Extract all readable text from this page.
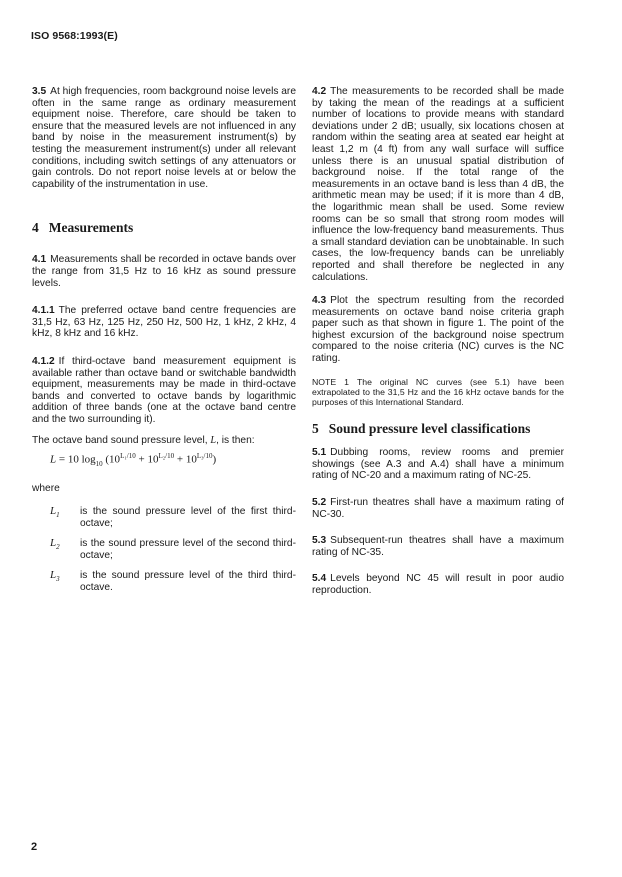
ISO 9568:1993(E)

3.5 At high frequencies, room background noise levels are often in the same range as ordinary measurement equipment noise. Therefore, care should be taken to ensure that the measured levels are not influenced in any band by noise in the measurement instrument(s) by testing the measurement instrument(s) under all relevant conditions, including switch settings of any attenuators or gain controls. Do not report noise levels at or below the capability of the instrumentation in use.

4 Measurements

4.1 Measurements shall be recorded in octave bands over the range from 31,5 Hz to 16 kHz as sound pressure levels.

4.1.1 The preferred octave band centre frequencies are 31,5 Hz, 63 Hz, 125 Hz, 250 Hz, 500 Hz, 1 kHz, 2 kHz, 4 kHz, 8 kHz and 16 kHz.

4.1.2 If third-octave band measurement equipment is available rather than octave band or switchable bandwidth equipment, measurements may be made in third-octave bands and converted to octave bands by logarithmic addition of three bands (one at the octave band centre and the two surrounding it).

The octave band sound pressure level, L, is then:

L = 10 $\log_{10} (10^{L_1/10} + 10^{L_2/10} + 10^{L_3/10})$

where

$L_1$	is the sound pressure level of the first third-octave;
$L_2$	is the sound pressure level of the second third-octave;
$L_3$	is the sound pressure level of the third third-octave.

4.2 The measurements to be recorded shall be made by taking the mean of the readings at a sufficient number of locations to provide means with standard deviations under 2 dB; usually, six locations chosen at random within the seating area at seated ear height at least 1,2 m (4 ft) from any wall surface will suffice unless there is an unusual spatial distribution of background noise. If the total range of the measurements in an octave band is less than 4 dB, the arithmetic mean may be used; if it is more than 4 dB, the logarithmic mean shall be used. Some review rooms can be so small that strong room modes will influence the low-frequency band measurements. Thus a small standard deviation can be unobtainable. In such cases, the low-frequency bands can be unreliably reported and shall therefore be neglected in any calculations.

4.3 Plot the spectrum resulting from the recorded measurements on octave band noise criteria graph paper such as that shown in figure 1. The point of the highest excursion of the background noise spectrum compared to the noise criteria (NC) curves is the NC rating.

NOTE 1 The original NC curves (see 5.1) have been extrapolated to the 31,5 Hz and the 16 kHz octave bands for the purposes of this International Standard.

5 Sound pressure level classifications

5.1 Dubbing rooms, review rooms and premier showings (see A.3 and A.4) shall have a minimum rating of NC-20 and a maximum rating of NC-25.

5.2 First-run theatres shall have a maximum rating of NC-30.

5.3 Subsequent-run theatres shall have a maximum rating of NC-35.

5.4 Levels beyond NC 45 will result in poor audio reproduction.

2
